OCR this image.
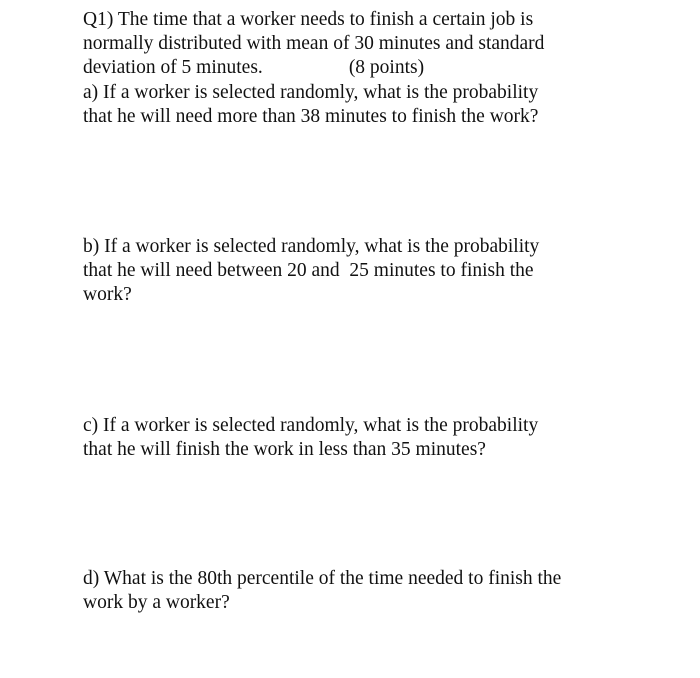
Q1) The time that a worker needs to finish a certain job is
normally distributed with mean of 30 minutes and standard
deviation of 5 minutes.	(8 points)
a) If a worker is selected randomly, what is the probability
that he will need more than 38 minutes to finish the work?
b) If a worker is selected randomly, what is the probability
that he will need between 20 and  25 minutes to finish the
work?
c) If a worker is selected randomly, what is the probability
that he will finish the work in less than 35 minutes?
d) What is the 80th percentile of the time needed to finish the
work by a worker?
